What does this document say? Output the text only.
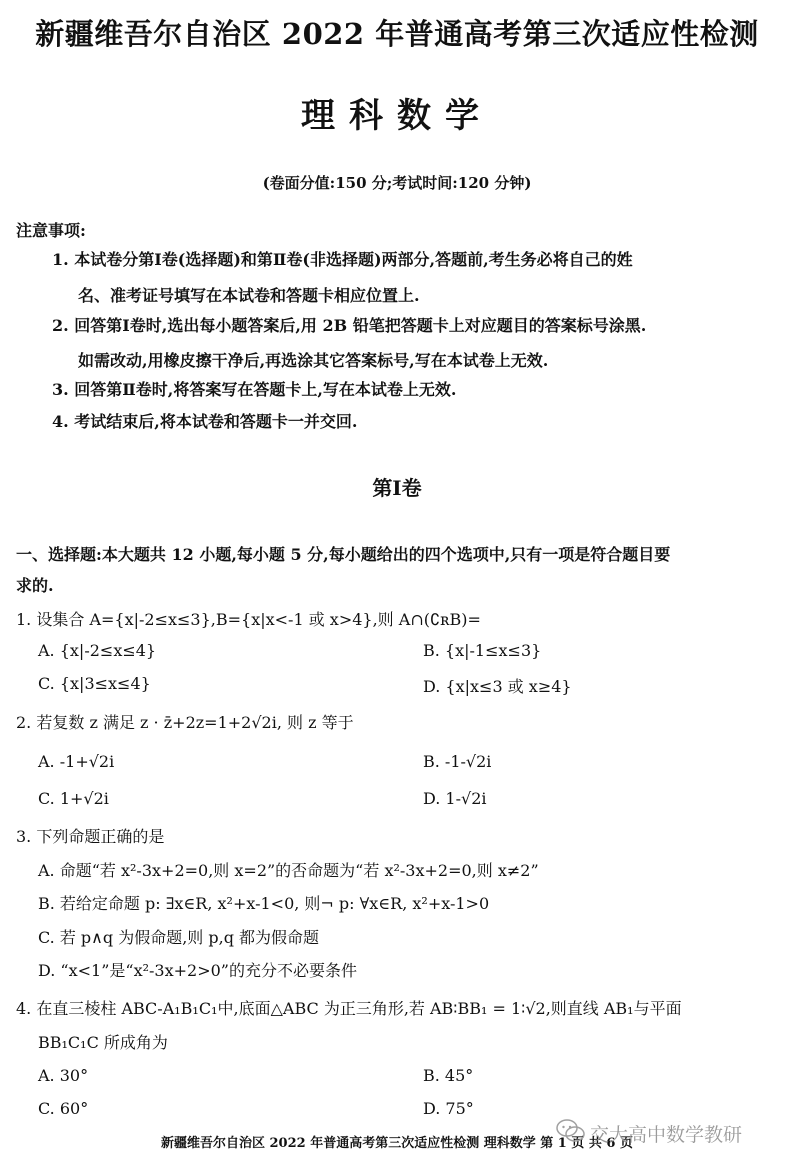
新疆维吾尔自治区 2022 年普通高考第三次适应性检测
理科数学
(卷面分值:150 分;考试时间:120 分钟)
注意事项:
1. 本试卷分第Ⅰ卷(选择题)和第Ⅱ卷(非选择题)两部分,答题前,考生务必将自己的姓
名、准考证号填写在本试卷和答题卡相应位置上.
2. 回答第Ⅰ卷时,选出每小题答案后,用 2B 铅笔把答题卡上对应题目的答案标号涂黑.
如需改动,用橡皮擦干净后,再选涂其它答案标号,写在本试卷上无效.
3. 回答第Ⅱ卷时,将答案写在答题卡上,写在本试卷上无效.
4. 考试结束后,将本试卷和答题卡一并交回.
第Ⅰ卷
一、选择题:本大题共 12 小题,每小题 5 分,每小题给出的四个选项中,只有一项是符合题目要
求的.
1. 设集合 A={x|-2≤x≤3},B={x|x<-1 或 x>4},则 A∩(∁ʀB)=
A. {x|-2≤x≤4}	B. {x|-1≤x≤3}
C. {x|3≤x≤4}	D. {x|x≤3 或 x≥4}
2. 若复数 z 满足 z · z̄+2z=1+2√2i, 则 z 等于
A. -1+√2i	B. -1-√2i
C. 1+√2i	D. 1-√2i
3. 下列命题正确的是
A. 命题“若 x²-3x+2=0,则 x=2”的否命题为“若 x²-3x+2=0,则 x≠2”
B. 若给定命题 p: ∃x∈R, x²+x-1<0, 则¬ p: ∀x∈R, x²+x-1>0
C. 若 p∧q 为假命题,则 p,q 都为假命题
D. “x<1”是“x²-3x+2>0”的充分不必要条件
4. 在直三棱柱 ABC-A₁B₁C₁中,底面△ABC 为正三角形,若 AB∶BB₁ = 1∶√2,则直线 AB₁与平面
BB₁C₁C 所成角为
A. 30°	B. 45°
C. 60°	D. 75°
新疆维吾尔自治区 2022 年普通高考第三次适应性检测 理科数学 第 1 页 共 6 页
交大高中数学教研
